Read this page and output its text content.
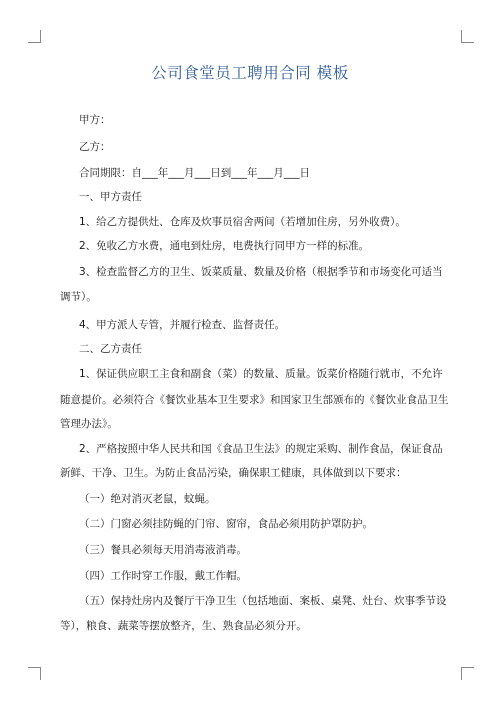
公司食堂员工聘用合同 模板
甲方：
乙方：
合同期限：自___年___月___日到___年___月___日
一、甲方责任
1、给乙方提供灶、仓库及炊事员宿舍两间（若增加住房，另外收费）。
2、免收乙方水费，通电到灶房，电费执行同甲方一样的标准。
3、检查监督乙方的卫生、饭菜质量、数量及价格（根据季节和市场变化可适当
调节）。
4、甲方派人专管，并履行检查、监督责任。
二、乙方责任
1、保证供应职工主食和副食（菜）的数量、质量。饭菜价格随行就市，不允许
随意提价。必须符合《餐饮业基本卫生要求》和国家卫生部颁布的《餐饮业食品卫生
管理办法》。
2、严格按照中华人民共和国《食品卫生法》的规定采购、制作食品，保证食品
新鲜、干净、卫生。为防止食品污染，确保职工健康，具体做到以下要求：
（一）绝对消灭老鼠，蚊蝇。
（二）门窗必须挂防蝇的门帘、窗帘，食品必须用防护罩防护。
（三）餐具必须每天用消毒液消毒。
（四）工作时穿工作服，戴工作帽。
（五）保持灶房内及餐厅干净卫生（包括地面、案板、桌凳、灶台、炊事季节设
等），粮食、蔬菜等摆放整齐，生、熟食品必须分开。
